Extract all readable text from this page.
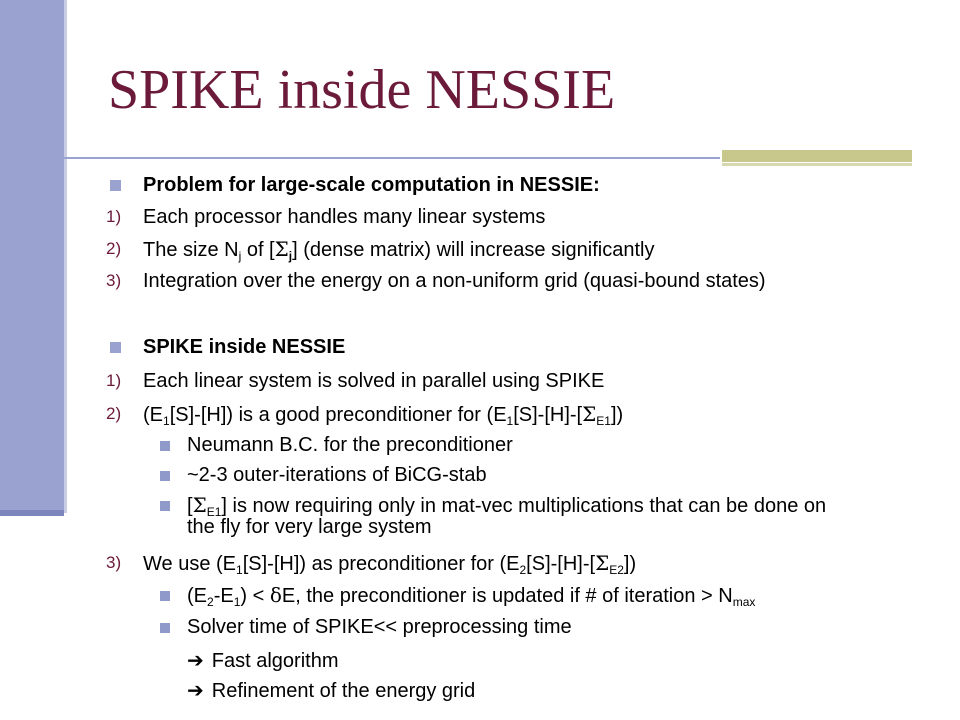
SPIKE inside NESSIE
Problem for large-scale computation in NESSIE:
1) Each processor handles many linear systems
2) The size $N_j$ of $[\Sigma_j]$ (dense matrix) will increase significantly
3) Integration over the energy on a non-uniform grid (quasi-bound states)
SPIKE inside NESSIE
1) Each linear system is solved in parallel using SPIKE
2) $(E_1[S]-[H])$ is a good preconditioner for $(E_1[S]-[H]-[\Sigma_{E1}])$
Neumann B.C. for the preconditioner
~2-3 outer-iterations of BiCG-stab
$[\Sigma_{E1}]$ is now requiring only in mat-vec multiplications that can be done on
the fly for very large system
3) We use $(E_1[S]-[H])$ as preconditioner for $(E_2[S]-[H]-[\Sigma_{E2}])$
$(E_2-E_1) < \delta E$, the preconditioner is updated if # of iteration > $N_{max}$
Solver time of SPIKE<< preprocessing time
➔ Fast algorithm
➔ Refinement of the energy grid
